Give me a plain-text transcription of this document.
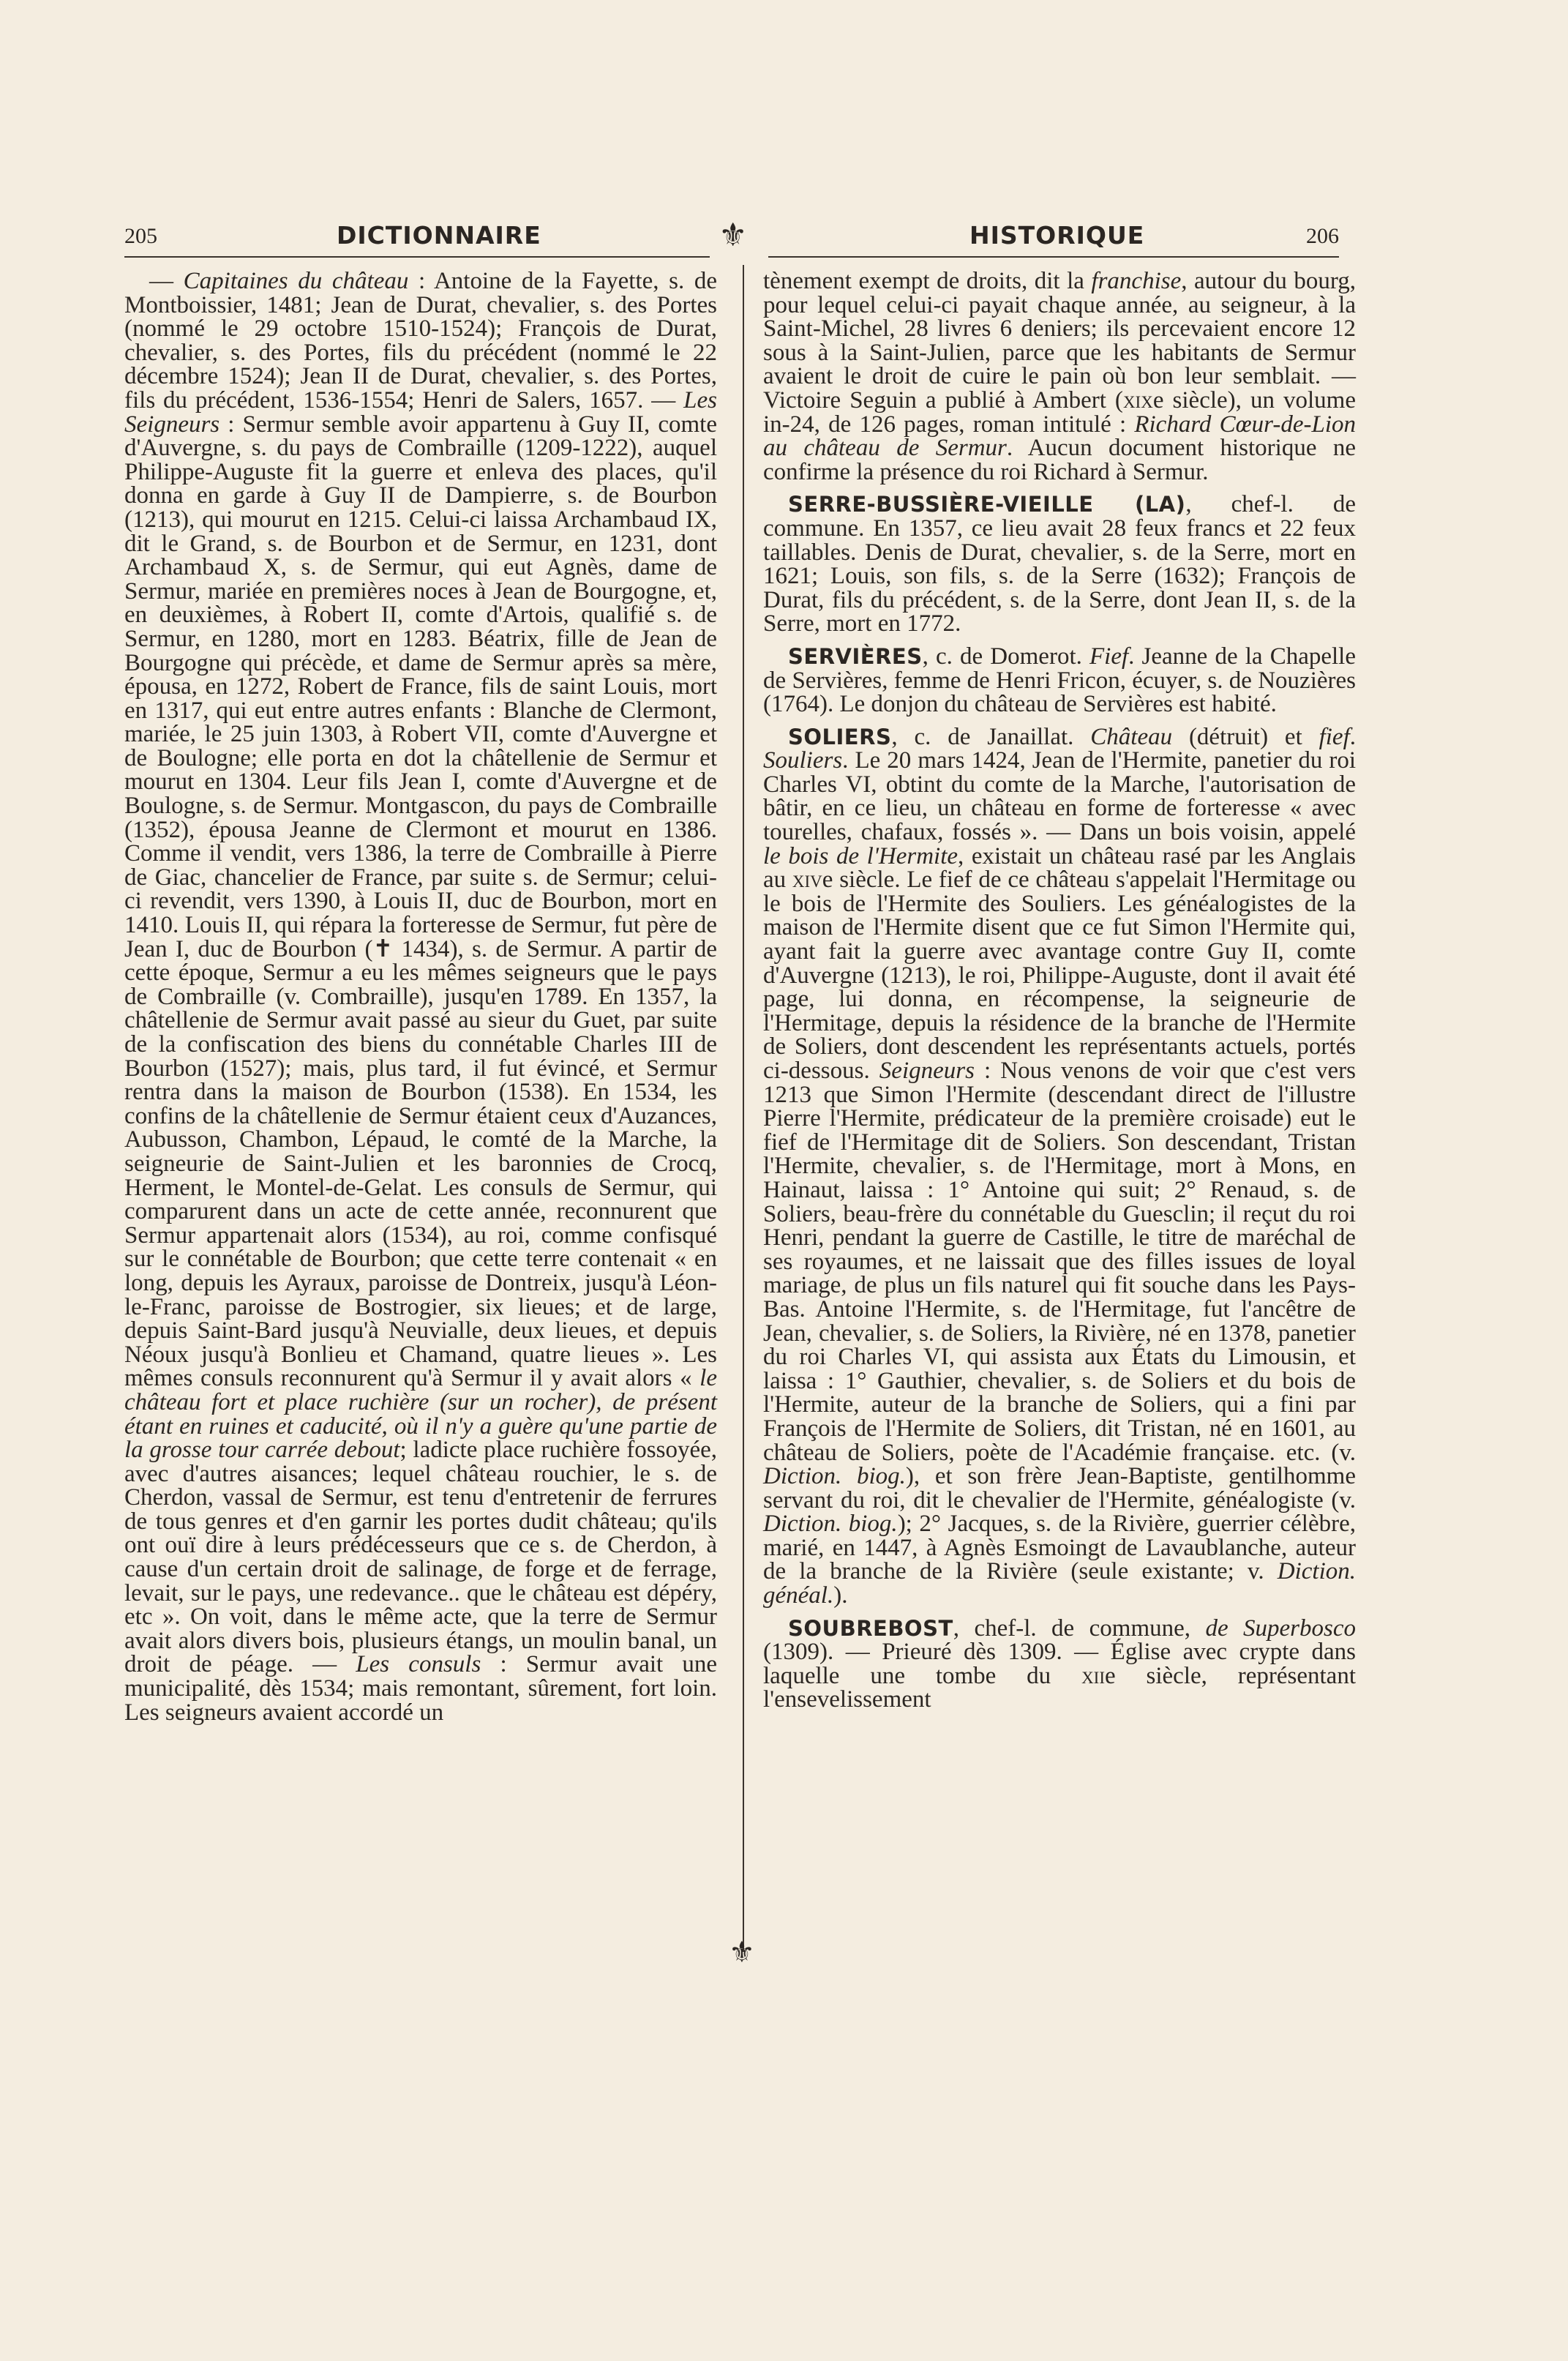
205	DICTIONNAIRE	⚜	HISTORIQUE	206
⚜

— Capitaines du château : Antoine de la Fayette, s. de Montboissier, 1481; Jean de Durat, chevalier, s. des Portes (nommé le 29 octobre 1510-1524); François de Durat, chevalier, s. des Portes, fils du précédent (nommé le 22 décembre 1524); Jean II de Durat, chevalier, s. des Portes, fils du précédent, 1536-1554; Henri de Salers, 1657. — Les Seigneurs : Sermur semble avoir appartenu à Guy II, comte d'Auvergne, s. du pays de Combraille (1209-1222), auquel Philippe-Auguste fit la guerre et enleva des places, qu'il donna en garde à Guy II de Dampierre, s. de Bourbon (1213), qui mourut en 1215. Celui-ci laissa Archambaud IX, dit le Grand, s. de Bourbon et de Sermur, en 1231, dont Archambaud X, s. de Sermur, qui eut Agnès, dame de Sermur, mariée en premières noces à Jean de Bourgogne, et, en deuxièmes, à Robert II, comte d'Artois, qualifié s. de Sermur, en 1280, mort en 1283. Béatrix, fille de Jean de Bourgogne qui précède, et dame de Sermur après sa mère, épousa, en 1272, Robert de France, fils de saint Louis, mort en 1317, qui eut entre autres enfants : Blanche de Clermont, mariée, le 25 juin 1303, à Robert VII, comte d'Auvergne et de Boulogne; elle porta en dot la châtellenie de Sermur et mourut en 1304. Leur fils Jean I, comte d'Auvergne et de Boulogne, s. de Sermur. Montgascon, du pays de Combraille (1352), épousa Jeanne de Clermont et mourut en 1386. Comme il vendit, vers 1386, la terre de Combraille à Pierre de Giac, chancelier de France, par suite s. de Sermur; celui-ci revendit, vers 1390, à Louis II, duc de Bourbon, mort en 1410. Louis II, qui répara la forteresse de Sermur, fut père de Jean I, duc de Bourbon (✝ 1434), s. de Sermur. A partir de cette époque, Sermur a eu les mêmes seigneurs que le pays de Combraille (v. Combraille), jusqu'en 1789. En 1357, la châtellenie de Sermur avait passé au sieur du Guet, par suite de la confiscation des biens du connétable Charles III de Bourbon (1527); mais, plus tard, il fut évincé, et Sermur rentra dans la maison de Bourbon (1538). En 1534, les confins de la châtellenie de Sermur étaient ceux d'Auzances, Aubusson, Chambon, Lépaud, le comté de la Marche, la seigneurie de Saint-Julien et les baronnies de Crocq, Herment, le Montel-de-Gelat. Les consuls de Sermur, qui comparurent dans un acte de cette année, reconnurent que Sermur appartenait alors (1534), au roi, comme confisqué sur le connétable de Bourbon; que cette terre contenait « en long, depuis les Ayraux, paroisse de Dontreix, jusqu'à Léon-le-Franc, paroisse de Bostrogier, six lieues; et de large, depuis Saint-Bard jusqu'à Neuvialle, deux lieues, et depuis Néoux jusqu'à Bonlieu et Chamand, quatre lieues ». Les mêmes consuls reconnurent qu'à Sermur il y avait alors « le château fort et place ruchière (sur un rocher), de présent étant en ruines et caducité, où il n'y a guère qu'une partie de la grosse tour carrée debout; ladicte place ruchière fossoyée, avec d'autres aisances; lequel château rouchier, le s. de Cherdon, vassal de Sermur, est tenu d'entretenir de ferrures de tous genres et d'en garnir les portes dudit château; qu'ils ont ouï dire à leurs prédécesseurs que ce s. de Cherdon, à cause d'un certain droit de salinage, de forge et de ferrage, levait, sur le pays, une redevance.. que le château est dépéry, etc ». On voit, dans le même acte, que la terre de Sermur avait alors divers bois, plusieurs étangs, un moulin banal, un droit de péage. — Les consuls : Sermur avait une municipalité, dès 1534; mais remontant, sûrement, fort loin. Les seigneurs avaient accordé un

tènement exempt de droits, dit la franchise, autour du bourg, pour lequel celui-ci payait chaque année, au seigneur, à la Saint-Michel, 28 livres 6 deniers; ils percevaient encore 12 sous à la Saint-Julien, parce que les habitants de Sermur avaient le droit de cuire le pain où bon leur semblait. — Victoire Seguin a publié à Ambert (xixe siècle), un volume in-24, de 126 pages, roman intitulé : Richard Cœur-de-Lion au château de Sermur. Aucun document historique ne confirme la présence du roi Richard à Sermur.

SERRE-BUSSIÈRE-VIEILLE (LA), chef-l. de commune. En 1357, ce lieu avait 28 feux francs et 22 feux taillables. Denis de Durat, chevalier, s. de la Serre, mort en 1621; Louis, son fils, s. de la Serre (1632); François de Durat, fils du précédent, s. de la Serre, dont Jean II, s. de la Serre, mort en 1772.

SERVIÈRES, c. de Domerot. Fief. Jeanne de la Chapelle de Servières, femme de Henri Fricon, écuyer, s. de Nouzières (1764). Le donjon du château de Servières est habité.

SOLIERS, c. de Janaillat. Château (détruit) et fief. Souliers. Le 20 mars 1424, Jean de l'Hermite, panetier du roi Charles VI, obtint du comte de la Marche, l'autorisation de bâtir, en ce lieu, un château en forme de forteresse « avec tourelles, chafaux, fossés ». — Dans un bois voisin, appelé le bois de l'Hermite, existait un château rasé par les Anglais au xive siècle. Le fief de ce château s'appelait l'Hermitage ou le bois de l'Hermite des Souliers. Les généalogistes de la maison de l'Hermite disent que ce fut Simon l'Hermite qui, ayant fait la guerre avec avantage contre Guy II, comte d'Auvergne (1213), le roi, Philippe-Auguste, dont il avait été page, lui donna, en récompense, la seigneurie de l'Hermitage, depuis la résidence de la branche de l'Hermite de Soliers, dont descendent les représentants actuels, portés ci-dessous. Seigneurs : Nous venons de voir que c'est vers 1213 que Simon l'Hermite (descendant direct de l'illustre Pierre l'Hermite, prédicateur de la première croisade) eut le fief de l'Hermitage dit de Soliers. Son descendant, Tristan l'Hermite, chevalier, s. de l'Hermitage, mort à Mons, en Hainaut, laissa : 1° Antoine qui suit; 2° Renaud, s. de Soliers, beau-frère du connétable du Guesclin; il reçut du roi Henri, pendant la guerre de Castille, le titre de maréchal de ses royaumes, et ne laissait que des filles issues de loyal mariage, de plus un fils naturel qui fit souche dans les Pays-Bas. Antoine l'Hermite, s. de l'Hermitage, fut l'ancêtre de Jean, chevalier, s. de Soliers, la Rivière, né en 1378, panetier du roi Charles VI, qui assista aux États du Limousin, et laissa : 1° Gauthier, chevalier, s. de Soliers et du bois de l'Hermite, auteur de la branche de Soliers, qui a fini par François de l'Hermite de Soliers, dit Tristan, né en 1601, au château de Soliers, poète de l'Académie française. etc. (v. Diction. biog.), et son frère Jean-Baptiste, gentilhomme servant du roi, dit le chevalier de l'Hermite, généalogiste (v. Diction. biog.); 2° Jacques, s. de la Rivière, guerrier célèbre, marié, en 1447, à Agnès Esmoingt de Lavaublanche, auteur de la branche de la Rivière (seule existante; v. Diction. généal.).

SOUBREBOST, chef-l. de commune, de Superbosco (1309). — Prieuré dès 1309. — Église avec crypte dans laquelle une tombe du xiie siècle, représentant l'ensevelissement
